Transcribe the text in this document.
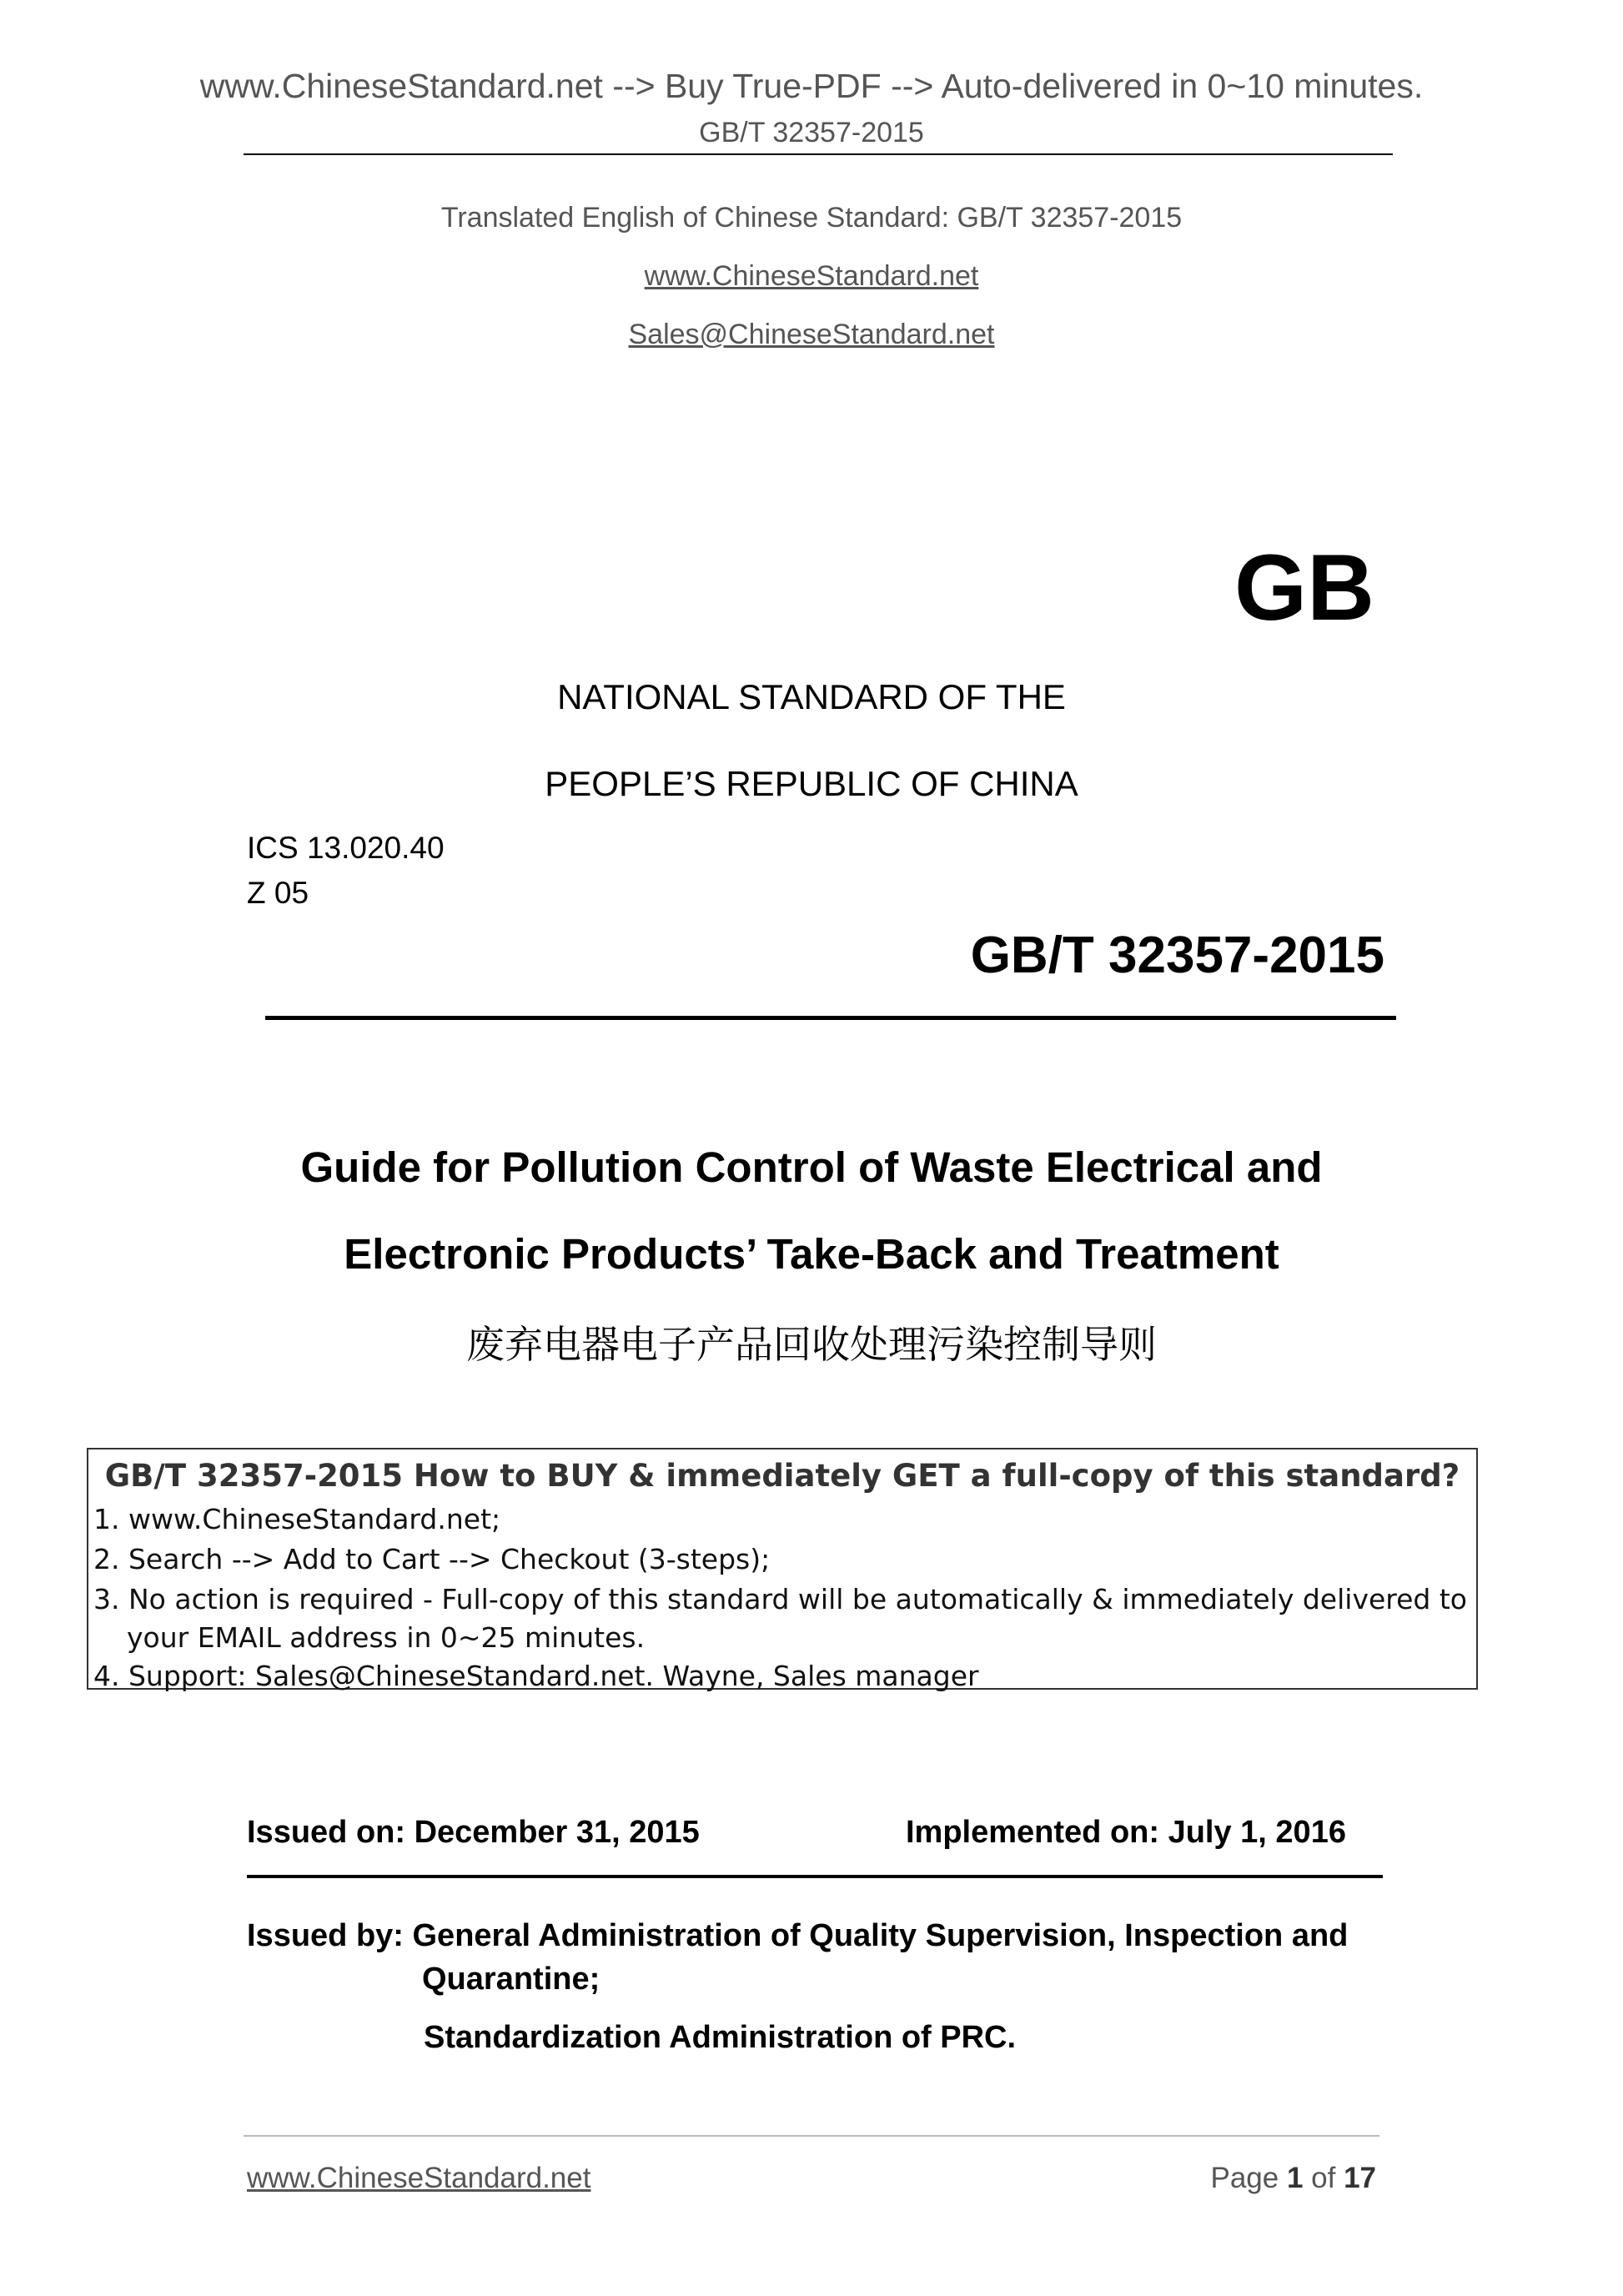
www.ChineseStandard.net --> Buy True-PDF --> Auto-delivered in 0~10 minutes.
GB/T 32357-2015
Translated English of Chinese Standard: GB/T 32357-2015
www.ChineseStandard.net
Sales@ChineseStandard.net
GB
NATIONAL STANDARD OF THE
PEOPLE’S REPUBLIC OF CHINA
ICS 13.020.40
Z 05
GB/T 32357-2015
Guide for Pollution Control of Waste Electrical and
Electronic Products’ Take-Back and Treatment
废弃电器电子产品回收处理污染控制导则
GB/T 32357-2015 How to BUY & immediately GET a full-copy of this standard?
1. www.ChineseStandard.net;
2. Search --> Add to Cart --> Checkout (3-steps);
3. No action is required - Full-copy of this standard will be automatically & immediately delivered to
your EMAIL address in 0~25 minutes.
4. Support: Sales@ChineseStandard.net. Wayne, Sales manager
Issued on: December 31, 2015	Implemented on: July 1, 2016
Issued by: General Administration of Quality Supervision, Inspection and
Quarantine;
Standardization Administration of PRC.
www.ChineseStandard.net	Page 1 of 17
